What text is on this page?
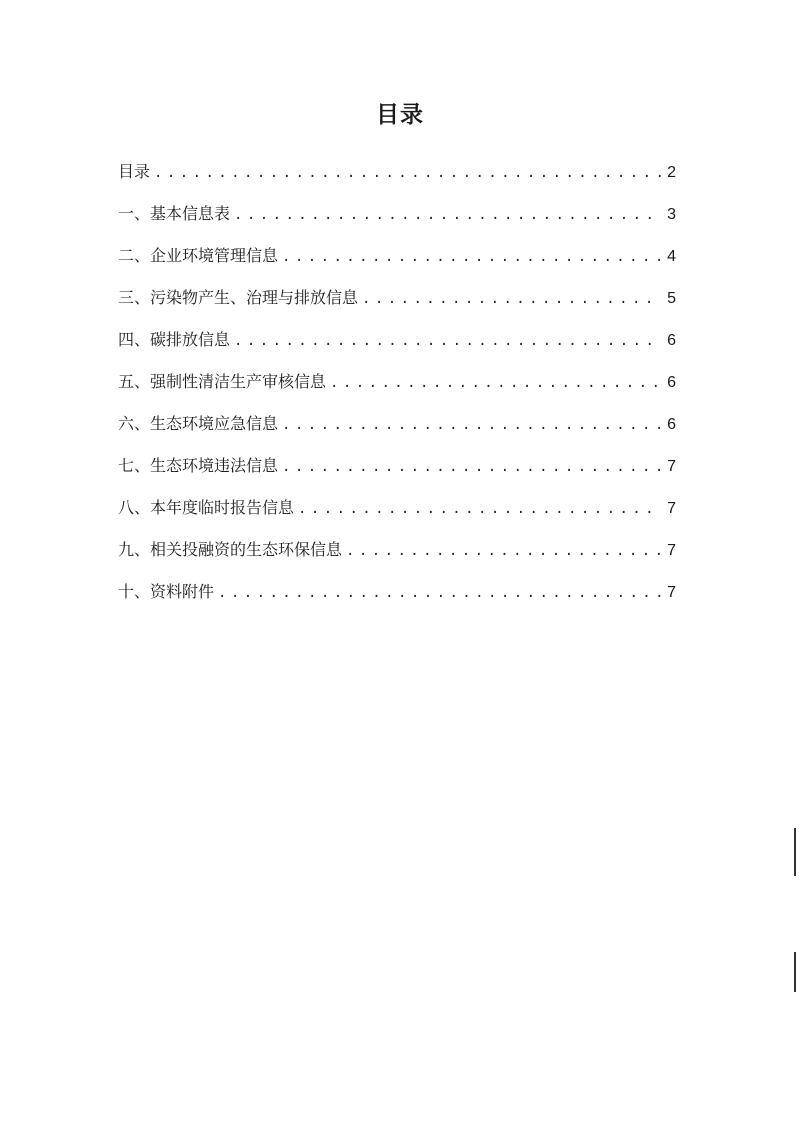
目录
目录 . . .	2
一、基本信息表 . . .	3
二、企业环境管理信息 . . .	4
三、污染物产生、治理与排放信息 . . .	5
四、碳排放信息 . . .	6
五、强制性清洁生产审核信息 . . .	6
六、生态环境应急信息 . . .	6
七、生态环境违法信息 . . .	7
八、本年度临时报告信息 . . .	7
九、相关投融资的生态环保信息 . . .	7
十、资料附件 . . .	7
